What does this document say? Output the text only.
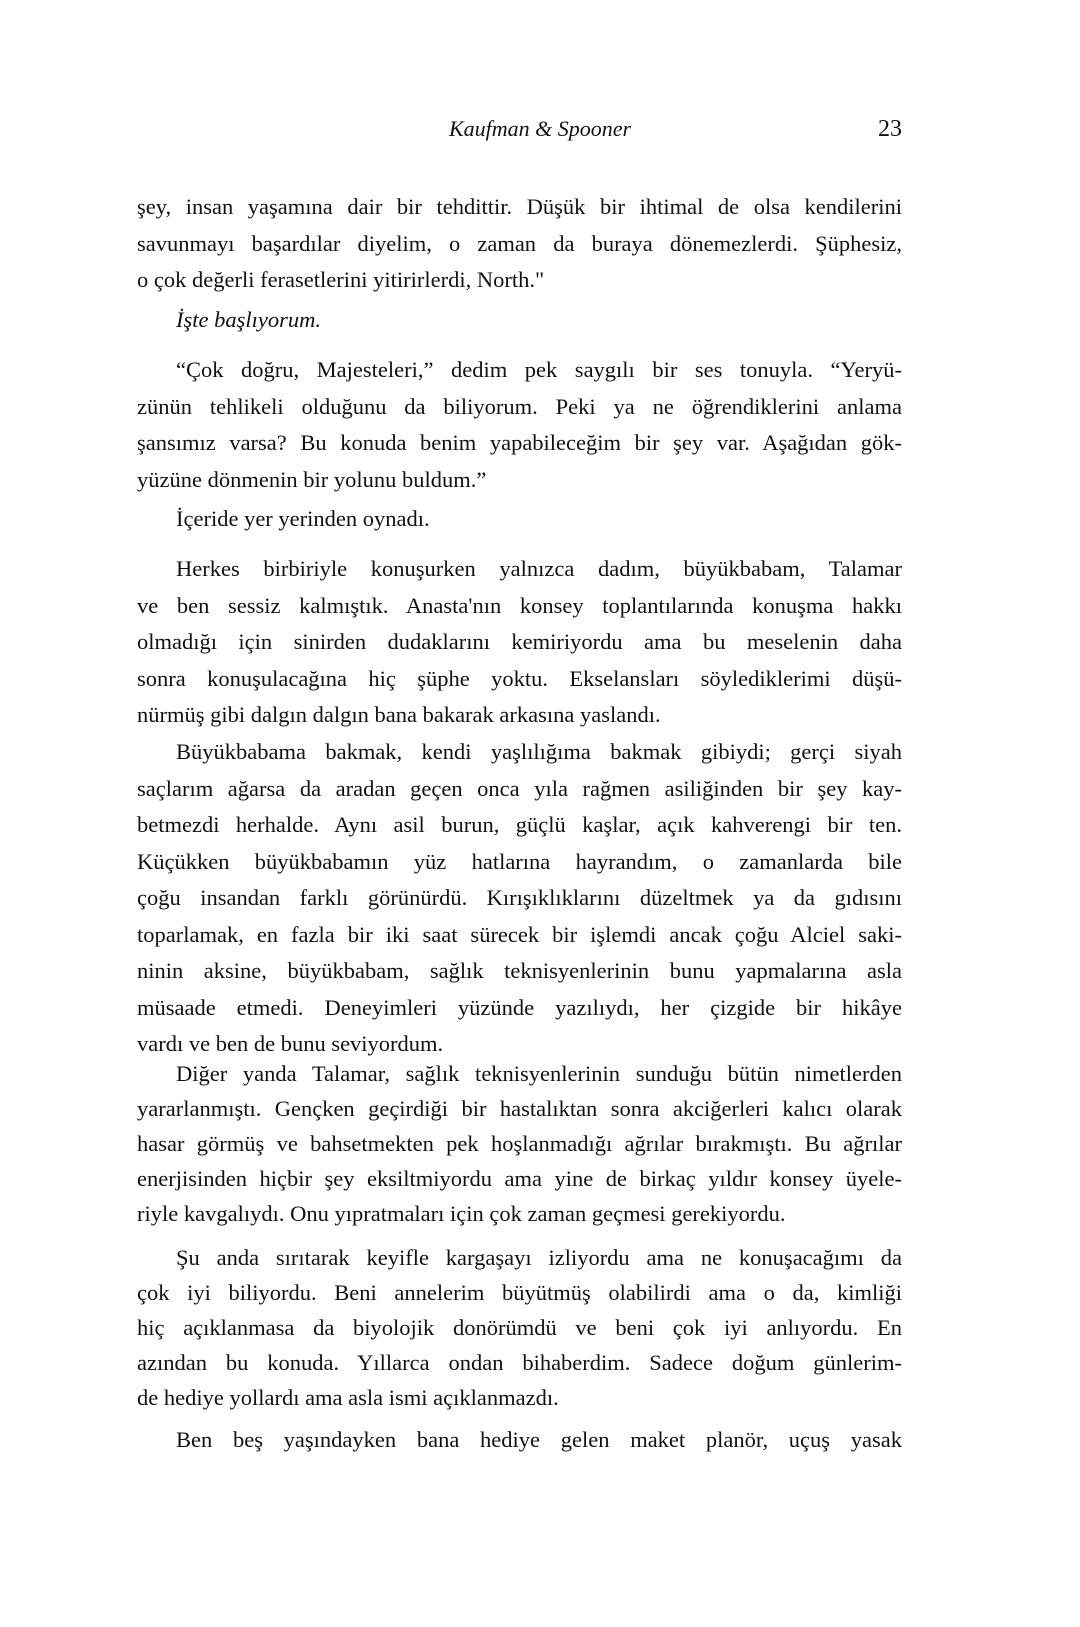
Kaufman & Spooner	23
şey, insan yaşamına dair bir tehdittir. Düşük bir ihtimal de olsa kendilerini
savunmayı başardılar diyelim, o zaman da buraya dönemezlerdi. Şüphesiz,
o çok değerli ferasetlerini yitirirlerdi, North."
İşte başlıyorum.
“Çok doğru, Majesteleri,” dedim pek saygılı bir ses tonuyla. “Yeryü-
zünün tehlikeli olduğunu da biliyorum. Peki ya ne öğrendiklerini anlama
şansımız varsa? Bu konuda benim yapabileceğim bir şey var. Aşağıdan gök-
yüzüne dönmenin bir yolunu buldum.”
İçeride yer yerinden oynadı.
Herkes birbiriyle konuşurken yalnızca dadım, büyükbabam, Talamar
ve ben sessiz kalmıştık. Anasta'nın konsey toplantılarında konuşma hakkı
olmadığı için sinirden dudaklarını kemiriyordu ama bu meselenin daha
sonra konuşulacağına hiç şüphe yoktu. Ekselansları söylediklerimi düşü-
nürmüş gibi dalgın dalgın bana bakarak arkasına yaslandı.
Büyükbabama bakmak, kendi yaşlılığıma bakmak gibiydi; gerçi siyah
saçlarım ağarsa da aradan geçen onca yıla rağmen asiliğinden bir şey kay-
betmezdi herhalde. Aynı asil burun, güçlü kaşlar, açık kahverengi bir ten.
Küçükken büyükbabamın yüz hatlarına hayrandım, o zamanlarda bile
çoğu insandan farklı görünürdü. Kırışıklıklarını düzeltmek ya da gıdısını
toparlamak, en fazla bir iki saat sürecek bir işlemdi ancak çoğu Alciel saki-
ninin aksine, büyükbabam, sağlık teknisyenlerinin bunu yapmalarına asla
müsaade etmedi. Deneyimleri yüzünde yazılıydı, her çizgide bir hikâye
vardı ve ben de bunu seviyordum.
Diğer yanda Talamar, sağlık teknisyenlerinin sunduğu bütün nimetlerden
yararlanmıştı. Gençken geçirdiği bir hastalıktan sonra akciğerleri kalıcı olarak
hasar görmüş ve bahsetmekten pek hoşlanmadığı ağrılar bırakmıştı. Bu ağrılar
enerjisinden hiçbir şey eksiltmiyordu ama yine de birkaç yıldır konsey üyele-
riyle kavgalıydı. Onu yıpratmaları için çok zaman geçmesi gerekiyordu.
Şu anda sırıtarak keyifle kargaşayı izliyordu ama ne konuşacağımı da
çok iyi biliyordu. Beni annelerim büyütmüş olabilirdi ama o da, kimliği
hiç açıklanmasa da biyolojik donörümdü ve beni çok iyi anlıyordu. En
azından bu konuda. Yıllarca ondan bihaberdim. Sadece doğum günlerim-
de hediye yollardı ama asla ismi açıklanmazdı.
Ben beş yaşındayken bana hediye gelen maket planör, uçuş yasak
